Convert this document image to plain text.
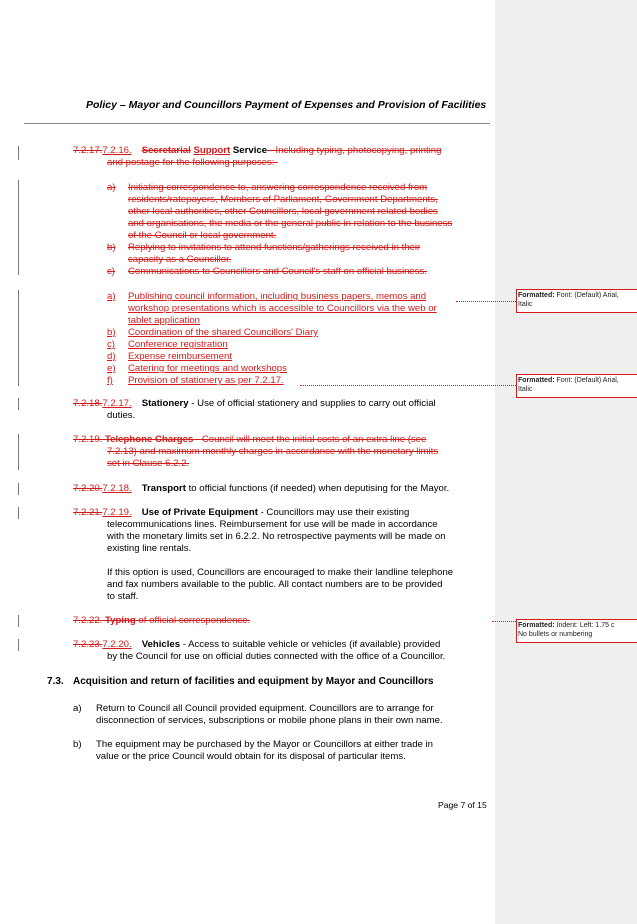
Policy – Mayor and Councillors Payment of Expenses and Provision of Facilities
7.2.17.7.2.16. Secretarial Support Service - Including typing, photocopying, printing
and postage for the following purposes:-
a) Initiating correspondence to, answering correspondence received from
residents/ratepayers, Members of Parliament, Government Departments,
other local authorities, other Councillors, local government related bodies
and organisations, the media or the general public in relation to the business
of the Council or local government.
b) Replying to invitations to attend functions/gatherings received in their
capacity as a Councillor.
c) Communications to Councillors and Council's staff on official business.
a) Publishing council information, including business papers, memos and
workshop presentations which is accessible to Councillors via the web or
tablet application
b) Coordination of the shared Councillors' Diary
c) Conference registration
d) Expense reimbursement
e) Catering for meetings and workshops
f) Provision of stationery as per 7.2.17.
7.2.18.7.2.17. Stationery - Use of official stationery and supplies to carry out official
duties.
7.2.19. Telephone Charges - Council will meet the initial costs of an extra line (see
7.2.13) and maximum monthly charges in accordance with the monetary limits
set in Clause 6.2.2.
7.2.20.7.2.18. Transport to official functions (if needed) when deputising for the Mayor.
7.2.21.7.2.19. Use of Private Equipment - Councillors may use their existing
telecommunications lines. Reimbursement for use will be made in accordance
with the monetary limits set in 6.2.2. No retrospective payments will be made on
existing line rentals.
If this option is used, Councillors are encouraged to make their landline telephone
and fax numbers available to the public. All contact numbers are to be provided
to staff.
7.2.22. Typing of official correspondence.
7.2.23.7.2.20. Vehicles - Access to suitable vehicle or vehicles (if available) provided
by the Council for use on official duties connected with the office of a Councillor.
7.3. Acquisition and return of facilities and equipment by Mayor and Councillors
a) Return to Council all Council provided equipment. Councillors are to arrange for
disconnection of services, subscriptions or mobile phone plans in their own name.
b) The equipment may be purchased by the Mayor or Councillors at either trade in
value or the price Council would obtain for its disposal of particular items.
Formatted: Font: (Default) Arial,
Italic
Formatted: Font: (Default) Arial,
Italic
Formatted: Indent: Left: 1.75 c
No bullets or numbering
Page 7 of 15
